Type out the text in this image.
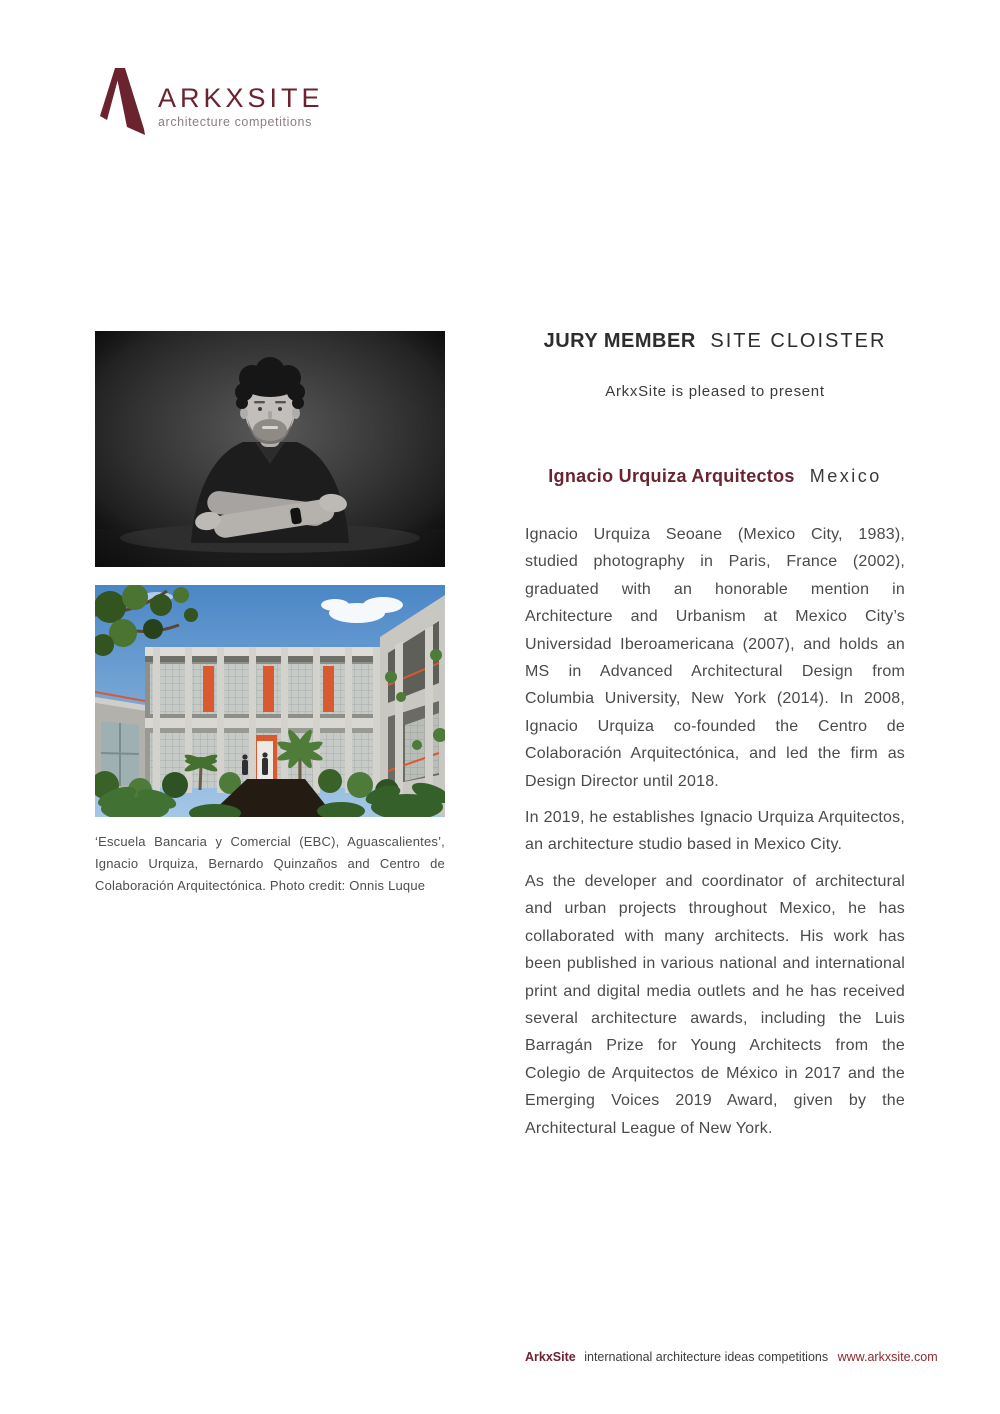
ARKXSITE
architecture competitions
‘Escuela Bancaria y Comercial (EBC), Aguascalientes’, Ignacio Urquiza, Bernardo Quinzaños and Centro de Colaboración Arquitectónica. Photo credit: Onnis Luque
JURY MEMBER SITE CLOISTER
ArkxSite is pleased to present
Ignacio Urquiza Arquitectos Mexico

Ignacio Urquiza Seoane (Mexico City, 1983), studied photography in Paris, France (2002), graduated with an honorable mention in Architecture and Urbanism at Mexico City’s Universidad Iberoamericana (2007), and holds an MS in Advanced Architectural Design from Columbia University, New York (2014). In 2008, Ignacio Urquiza co-founded the Centro de Colaboración Arquitectónica, and led the firm as Design Director until 2018.

In 2019, he establishes Ignacio Urquiza Arquitectos, an architecture studio based in Mexico City.

As the developer and coordinator of architectural and urban projects throughout Mexico, he has collaborated with many architects. His work has been published in various national and international print and digital media outlets and he has received several architecture awards, including the Luis Barragán Prize for Young Architects from the Colegio de Arquitectos de México in 2017 and the Emerging Voices 2019 Award, given by the Architectural League of New York.

ArkxSite international architecture ideas competitions www.arkxsite.com
